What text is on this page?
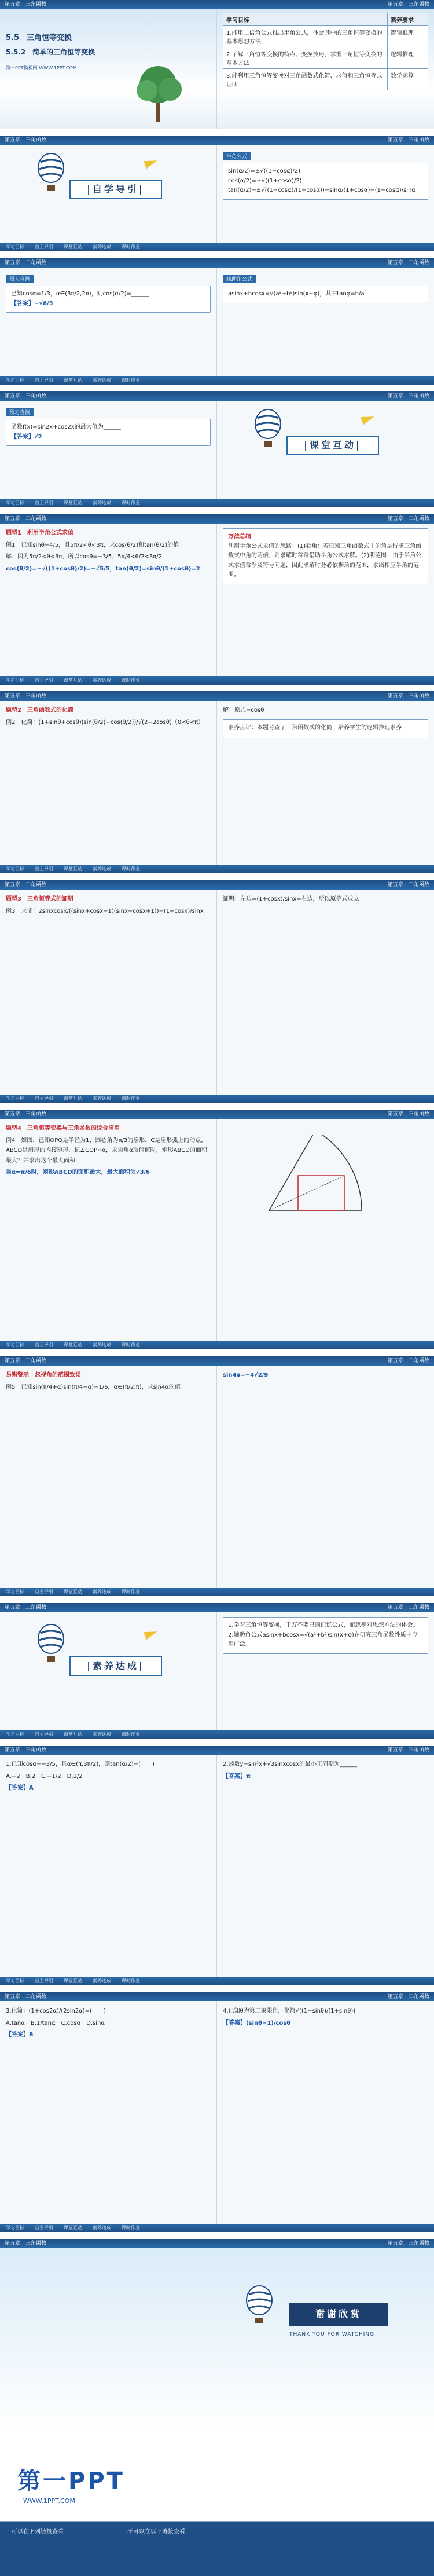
第五章　三角函数	第五章　三角函数
5.5　三角恒等变换
5.5.2　简单的三角恒等变换
第一PPT模板网-WWW.1PPT.COM
学习目标	素养要求
1.能用二倍角公式推出半角公式，体会其中的三角恒等变换的基本思想方法	逻辑推理
2.了解三角恒等变换的特点、变换技巧，掌握三角恒等变换的基本方法	逻辑推理
3.能利用三角恒等变换对三角函数式化简、求值和三角恒等式证明	数学运算
第五章　三角函数	第五章　三角函数
|自学导引|
半角公式

sin(α/2)=±√((1−cosα)/2)

cos(α/2)=±√((1+cosα)/2)

tan(α/2)=±√((1−cosα)/(1+cosα))=sinα/(1+cosα)=(1−cosα)/sinα

学习目标 自主导引 课堂互动 素养达成 课时作业
第五章　三角函数	第五章　三角函数
预习自测

已知cosα=1/3，α∈(3π/2,2π)，则cos(α/2)=______

【答案】−√6/3

辅助角公式

asinx+bcosx=√(a²+b²)sin(x+φ)，其中tanφ=b/a

学习目标 自主导引 课堂互动 素养达成 课时作业
第五章　三角函数	第五章　三角函数
预习自测

函数f(x)=sin2x+cos2x的最大值为______

【答案】√2

|课堂互动|
学习目标 自主导引 课堂互动 素养达成 课时作业
第五章　三角函数	第五章　三角函数

题型1　利用半角公式求值

例1　已知sinθ=4/5，且5π/2<θ<3π，求cos(θ/2)和tan(θ/2)的值

解：因为5π/2<θ<3π，所以cosθ=−3/5，5π/4<θ/2<3π/2

cos(θ/2)=−√((1+cosθ)/2)=−√5/5，tan(θ/2)=sinθ/(1+cosθ)=2

方法总结

利用半角公式求值的思路：(1)看角：若已知三角函数式中的角是待求三角函数式中角的两倍，则求解时常常借助半角公式求解。(2)明范围：由于半角公式求值常涉及符号问题，因此求解时务必依据角的范围，求出相应半角的范围。

学习目标 自主导引 课堂互动 素养达成 课时作业
第五章　三角函数	第五章　三角函数

题型2　三角函数式的化简

例2　化简：(1+sinθ+cosθ)(sin(θ/2)−cos(θ/2))/√(2+2cosθ)（0<θ<π）

解：原式=cosθ

素养点评：本题考查了三角函数式的化简，培养学生的逻辑推理素养

学习目标 自主导引 课堂互动 素养达成 课时作业
第五章　三角函数	第五章　三角函数

题型3　三角恒等式的证明

例3　求证：2sinxcosx/((sinx+cosx−1)(sinx−cosx+1))=(1+cosx)/sinx

证明：左边=(1+cosx)/sinx=右边，所以原等式成立

学习目标 自主导引 课堂互动 素养达成 课时作业
第五章　三角函数	第五章　三角函数

题型4　三角恒等变换与三角函数的综合应用

例4　如图，已知OPQ是半径为1，圆心角为π/3的扇形，C是扇形弧上的动点，ABCD是扇形的内接矩形，记∠COP=α，求当角α取何值时，矩形ABCD的面积最大？并求出这个最大面积

当α=π/6时，矩形ABCD的面积最大，最大面积为√3/6

学习目标 自主导引 课堂互动 素养达成 课时作业
第五章　三角函数	第五章　三角函数

易错警示　忽视角的范围致误

例5　已知sin(π/4+α)sin(π/4−α)=1/6，α∈(π/2,π)，求sin4α的值

sin4α=−4√2/9

学习目标 自主导引 课堂互动 素养达成 课时作业
第五章　三角函数	第五章　三角函数
|素养达成|

1.学习三角恒等变换，千万不要只顾记忆公式，而忽视对思想方法的体会。2.辅助角公式asinx+bcosx=√(a²+b²)sin(x+φ)在研究三角函数性质中应用广泛。

学习目标 自主导引 课堂互动 素养达成 课时作业
第五章　三角函数	第五章　三角函数

1.已知cosα=−3/5，且α∈(π,3π/2)，则tan(α/2)=(　　)

A.−2　 B.2　 C.−1/2　 D.1/2

【答案】A

2.函数y=sin²x+√3sinxcosx的最小正周期为______

【答案】π

学习目标 自主导引 课堂互动 素养达成 课时作业
第五章　三角函数	第五章　三角函数

3.化简：(1+cos2α)/(2sin2α)=(　　)

A.tanα　 B.1/tanα　 C.cosα　 D.sinα

【答案】B

4.已知θ为第二象限角，化简√((1−sinθ)/(1+sinθ))

【答案】(sinθ−1)/cosθ

学习目标 自主导引 课堂互动 素养达成 课时作业
第五章　三角函数	第五章　三角函数
谢谢欣赏
THANK YOU FOR WATCHING
第一PPT
WWW.1PPT.COM
可以在下列链接查看	不可以在以下链接查看
